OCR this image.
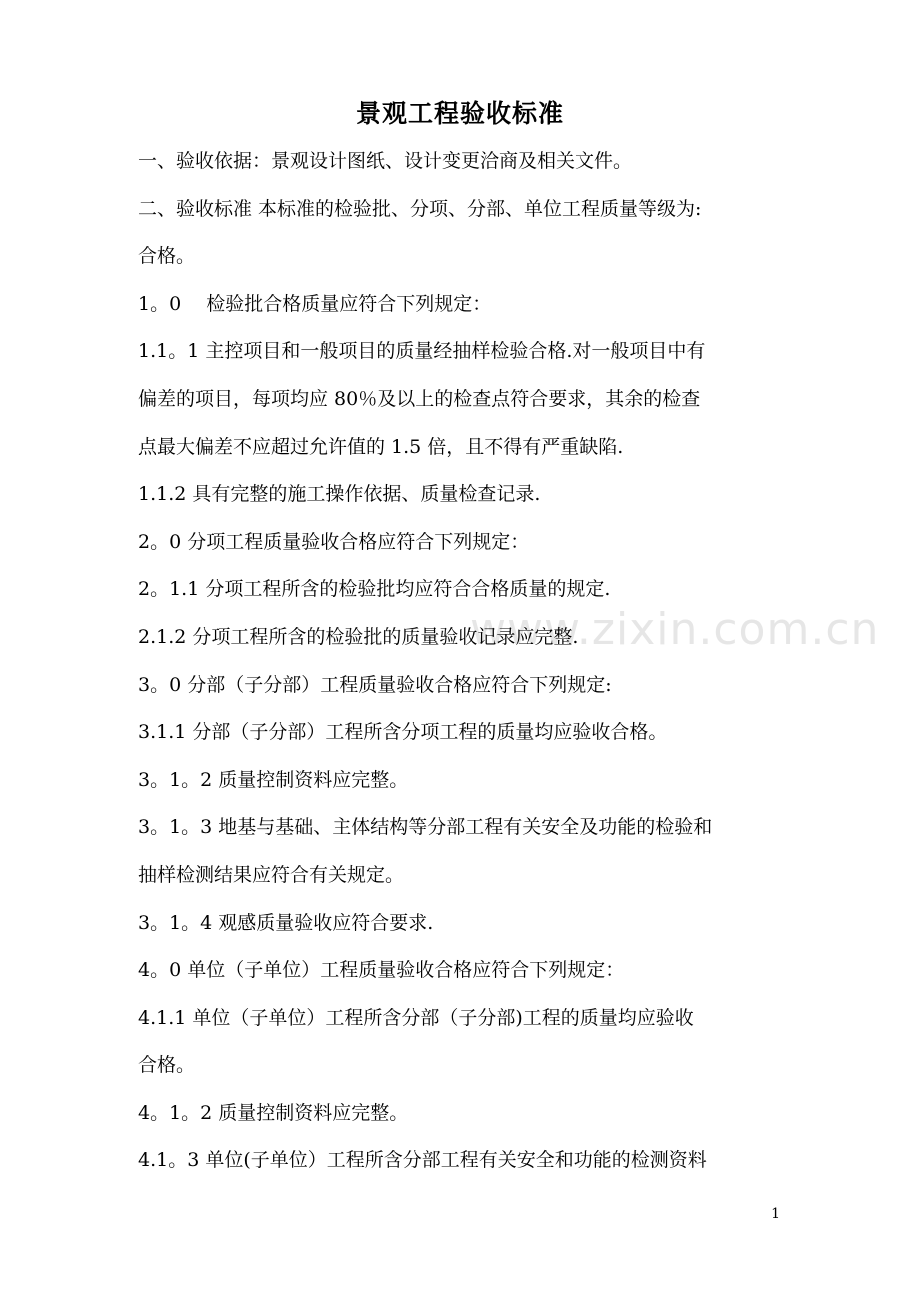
www.zixin.com.cn
景观工程验收标准
一、验收依据：景观设计图纸、设计变更洽商及相关文件。
二、验收标准 本标准的检验批、分项、分部、单位工程质量等级为:
合格。
1。0　 检验批合格质量应符合下列规定：
1.1。1 主控项目和一般项目的质量经抽样检验合格.对一般项目中有
偏差的项目，每项均应 80％及以上的检查点符合要求，其余的检查
点最大偏差不应超过允许值的 1.5 倍，且不得有严重缺陷.
1.1.2 具有完整的施工操作依据、质量检查记录.
2。0 分项工程质量验收合格应符合下列规定：
2。1.1 分项工程所含的检验批均应符合合格质量的规定.
2.1.2 分项工程所含的检验批的质量验收记录应完整.
3。0 分部（子分部）工程质量验收合格应符合下列规定:
3.1.1 分部（子分部）工程所含分项工程的质量均应验收合格。
3。1。2 质量控制资料应完整。
3。1。3 地基与基础、主体结构等分部工程有关安全及功能的检验和
抽样检测结果应符合有关规定。
3。1。4 观感质量验收应符合要求.
4。0 单位（子单位）工程质量验收合格应符合下列规定：
4.1.1 单位（子单位）工程所含分部（子分部)工程的质量均应验收
合格。
4。1。2 质量控制资料应完整。
4.1。3 单位(子单位）工程所含分部工程有关安全和功能的检测资料
1
